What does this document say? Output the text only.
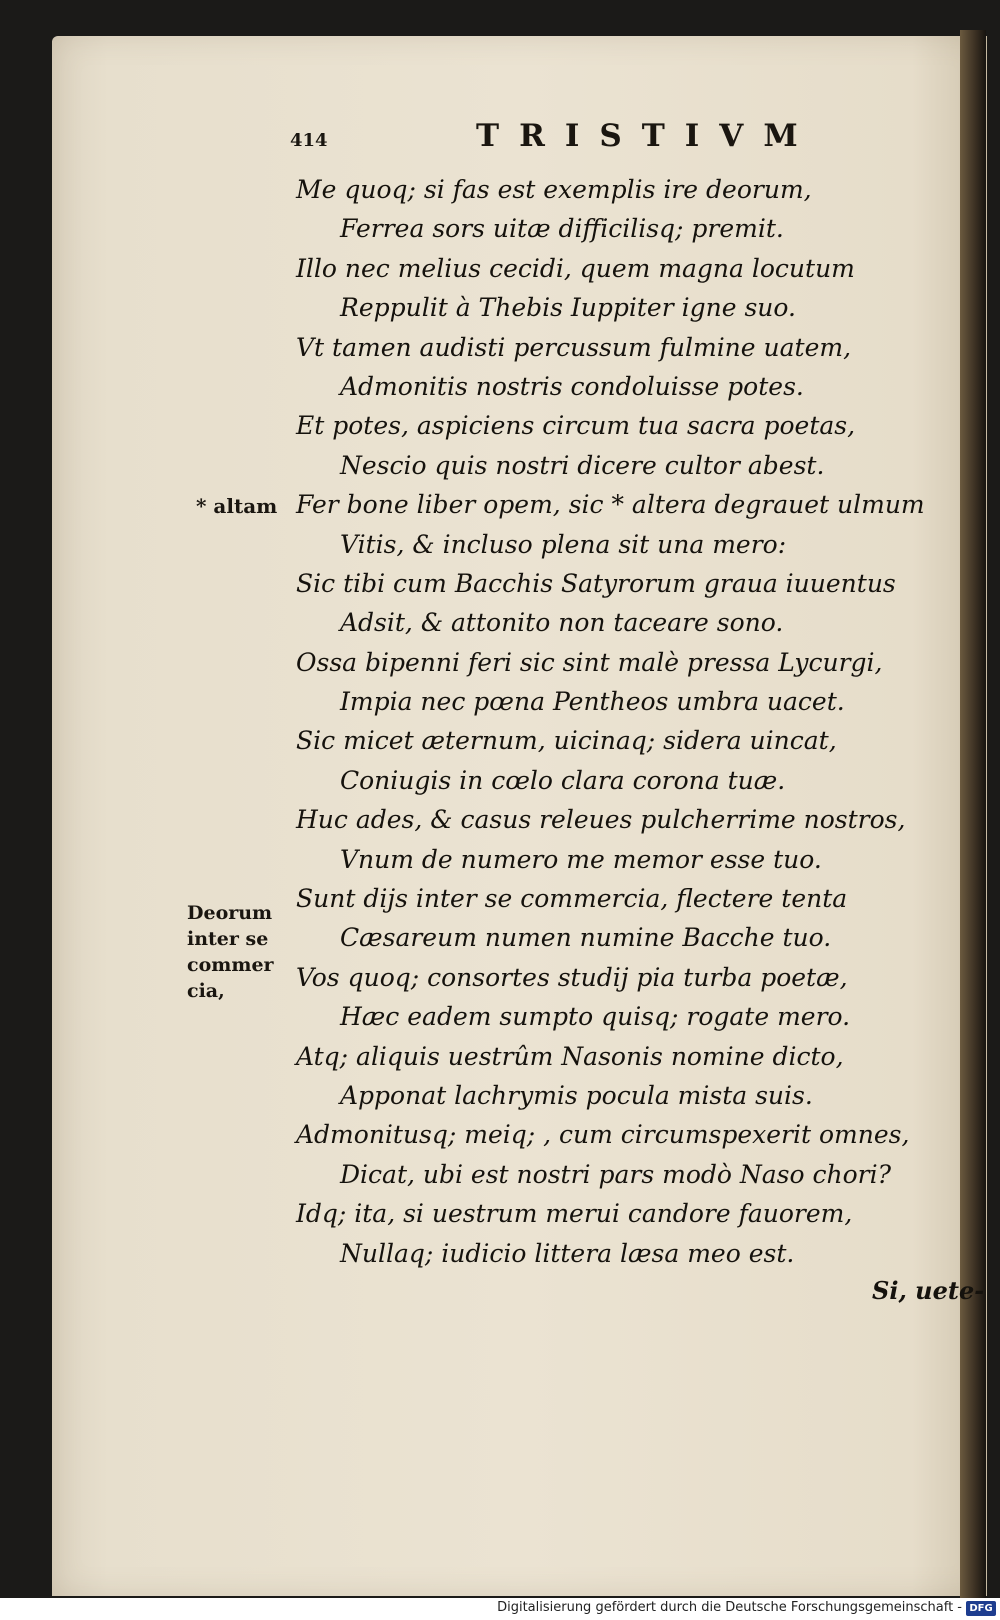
414	TRISTIVM
* altam
Deorum
inter se
commer
cia,
Me quoq; si fas est exemplis ire deorum,
Ferrea sors uitæ difficilisq; premit.
Illo nec melius cecidi, quem magna locutum
Reppulit à Thebis Iuppiter igne suo.
Vt tamen audisti percussum fulmine uatem,
Admonitis nostris condoluisse potes.
Et potes, aspiciens circum tua sacra poetas,
Nescio quis nostri dicere cultor abest.
Fer bone liber opem, sic * altera degrauet ulmum
Vitis, & incluso plena sit una mero:
Sic tibi cum Bacchis Satyrorum graua iuuentus
Adsit, & attonito non taceare sono.
Ossa bipenni feri sic sint malè pressa Lycurgi,
Impia nec pœna Pentheos umbra uacet.
Sic micet æternum, uicinaq; sidera uincat,
Coniugis in cœlo clara corona tuæ.
Huc ades, & casus releues pulcherrime nostros,
Vnum de numero me memor esse tuo.
Sunt dijs inter se commercia, flectere tenta
Cæsareum numen numine Bacche tuo.
Vos quoq; consortes studij pia turba poetæ,
Hæc eadem sumpto quisq; rogate mero.
Atq; aliquis uestrûm Nasonis nomine dicto,
Apponat lachrymis pocula mista suis.
Admonitusq; meiq; , cum circumspexerit omnes,
Dicat, ubi est nostri pars modò Naso chori?
Idq; ita, si uestrum merui candore fauorem,
Nullaq; iudicio littera læsa meo est.
Si, uete-
Digitalisierung gefördert durch die Deutsche Forschungsgemeinschaft - DFG
